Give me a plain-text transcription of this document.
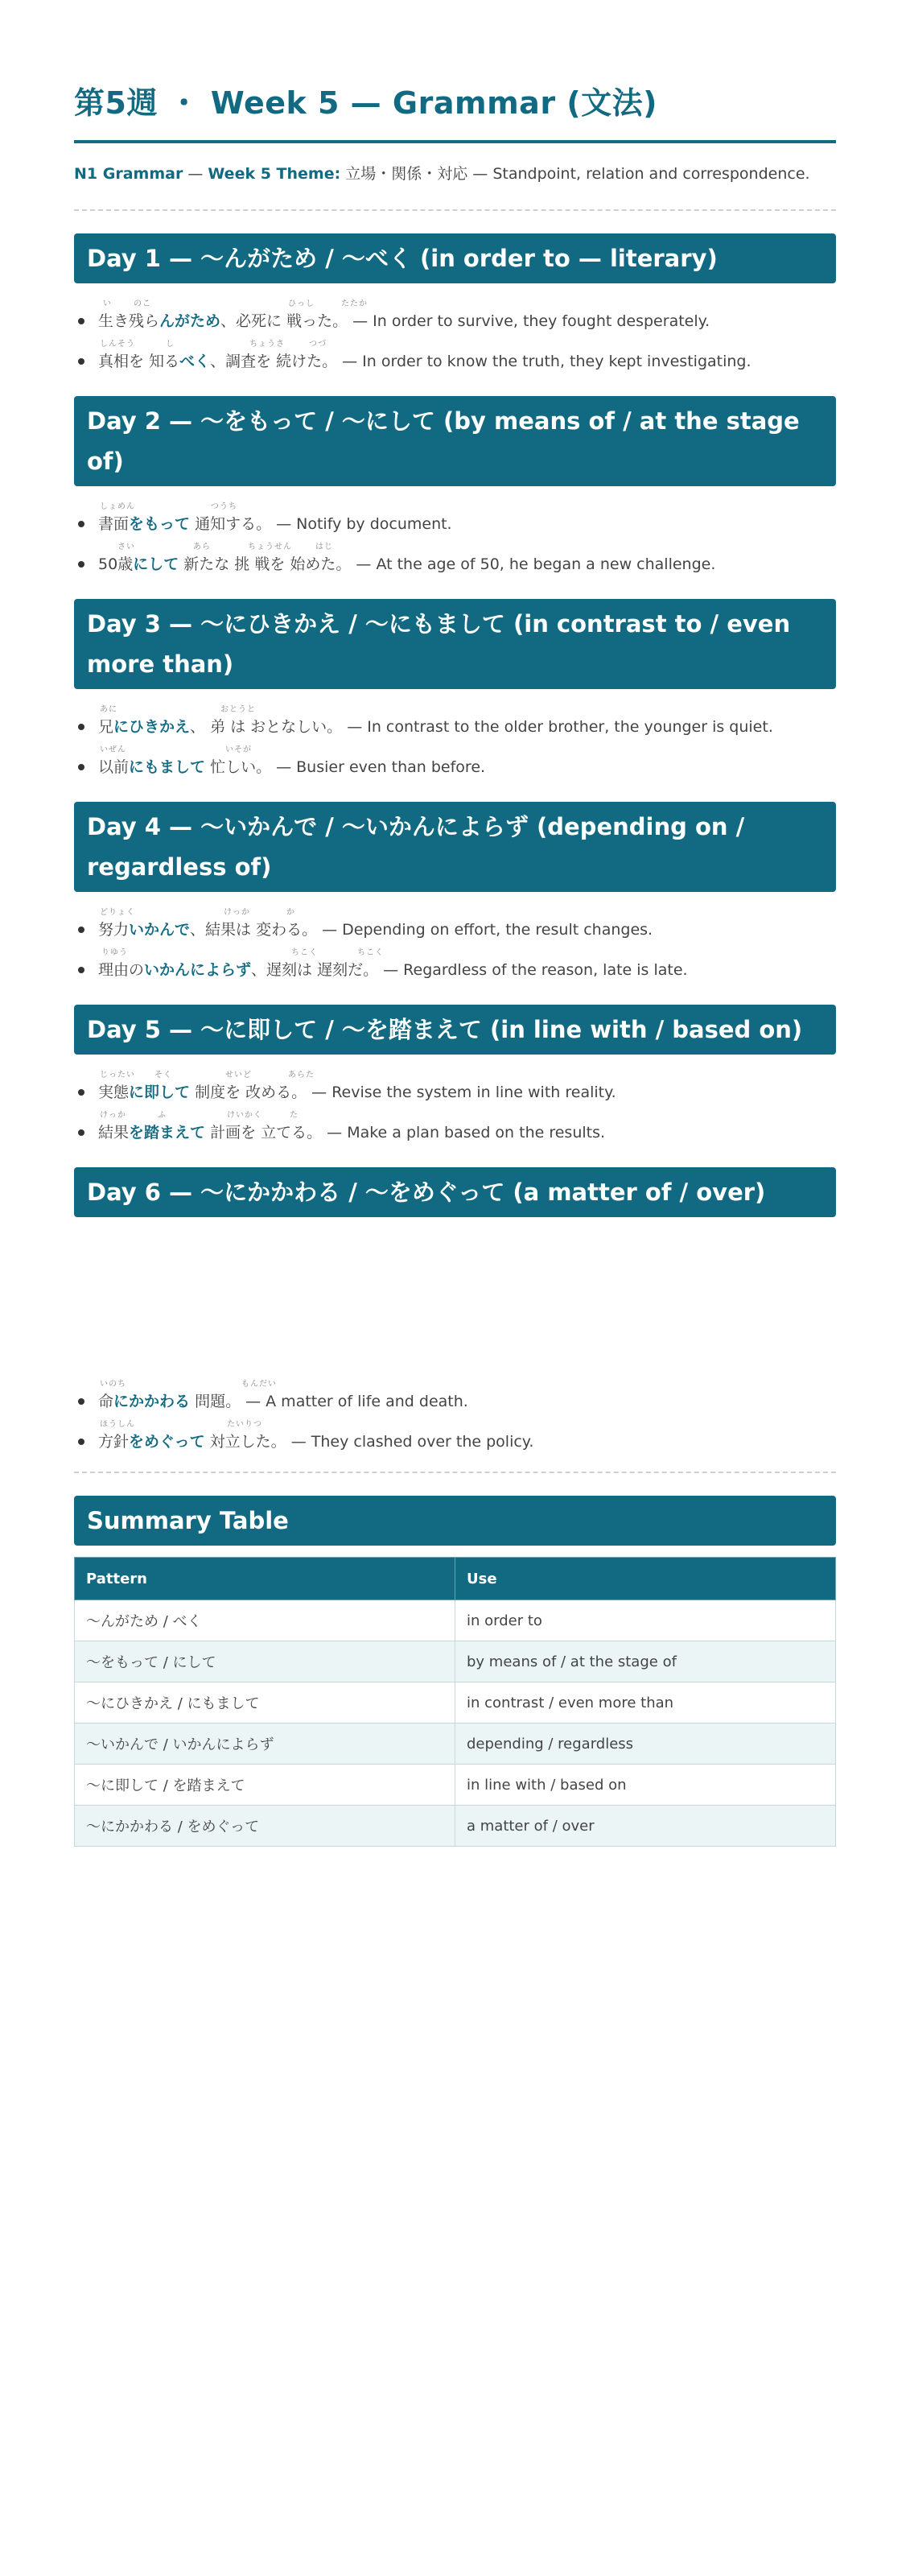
第5週 ・ Week 5 — Grammar (文法)
N1 Grammar — Week 5 Theme: 立場・関係・対応 — Standpoint, relation and correspondence.
Day 1 — 〜んがため / 〜べく (in order to — literary)
い	のこ	ひっし	たたか
生き残らんがため、必死に 戦った。 — In order to survive, they fought desperately.
しんそう	し	ちょうさ	つづ
真相を 知るべく、調査を 続けた。 — In order to know the truth, they kept investigating.
Day 2 — 〜をもって / 〜にして (by means of / at the stage of)
しょめん	つうち
書面をもって 通知する。 — Notify by document.
さい	あら	ちょうせん	はじ
50歳にして 新たな 挑 戦を 始めた。 — At the age of 50, he began a new challenge.
Day 3 — 〜にひきかえ / 〜にもまして (in contrast to / even more than)
あに	おとうと
兄にひきかえ、 弟 は おとなしい。 — In contrast to the older brother, the younger is quiet.
いぜん	いそが
以前にもまして 忙しい。 — Busier even than before.
Day 4 — 〜いかんで / 〜いかんによらず (depending on / regardless of)
どりょく	けっか	か
努力いかんで、結果は 変わる。 — Depending on effort, the result changes.
りゆう	ちこく	ちこく
理由のいかんによらず、遅刻は 遅刻だ。 — Regardless of the reason, late is late.
Day 5 — 〜に即して / 〜を踏まえて (in line with / based on)
じったい そく	せいど	あらた
実態に即して 制度を 改める。 — Revise the system in line with reality.
けっか	ふ	けいかく	た
結果を踏まえて 計画を 立てる。 — Make a plan based on the results.
Day 6 — 〜にかかわる / 〜をめぐって (a matter of / over)
いのち	もんだい
命にかかわる 問題。 — A matter of life and death.
ほうしん	たいりつ
方針をめぐって 対立した。 — They clashed over the policy.
Summary Table
Pattern	Use
〜んがため / べく	in order to
〜をもって / にして	by means of / at the stage of
〜にひきかえ / にもまして	in contrast / even more than
〜いかんで / いかんによらず	depending / regardless
〜に即して / を踏まえて	in line with / based on
〜にかかわる / をめぐって	a matter of / over
